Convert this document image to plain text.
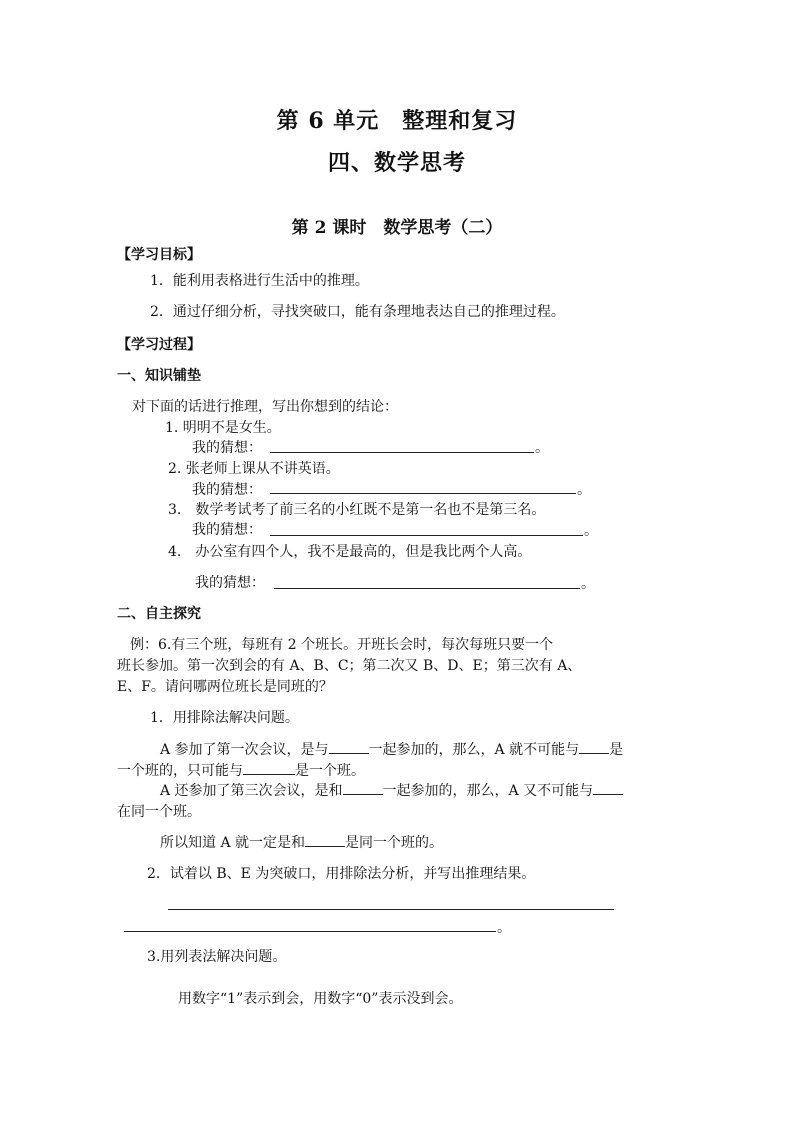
第 6 单元　整理和复习
四、数学思考
第 2 课时　数学思考（二）
【学习目标】
1．能利用表格进行生活中的推理。
2．通过仔细分析，寻找突破口，能有条理地表达自己的推理过程。
【学习过程】
一、知识铺垫
对下面的话进行推理，写出你想到的结论：
1. 明明不是女生。
我的猜想：	。
2. 张老师上课从不讲英语。
我的猜想：	。
3.　数学考试考了前三名的小红既不是第一名也不是第三名。
我的猜想：	。
4.　办公室有四个人，我不是最高的，但是我比两个人高。
我的猜想：	。
二、自主探究
例：6.有三个班，每班有 2 个班长。开班长会时，每次每班只要一个
班长参加。第一次到会的有 A、B、C；第二次又 B、D、E；第三次有 A、
E、F。请问哪两位班长是同班的？
1．用排除法解决问题。
A 参加了第一次会议，是与	一起参加的，那么，A 就不可能与 是
一个班的，只可能与	是一个班。
A 还参加了第三次会议，是和	一起参加的，那么，A 又不可能与
在同一个班。
所以知道 A 就一定是和	是同一个班的。
2．试着以 B、E 为突破口，用排除法分析，并写出推理结果。
。
3.用列表法解决问题。
用数字“1”表示到会，用数字“0”表示没到会。
